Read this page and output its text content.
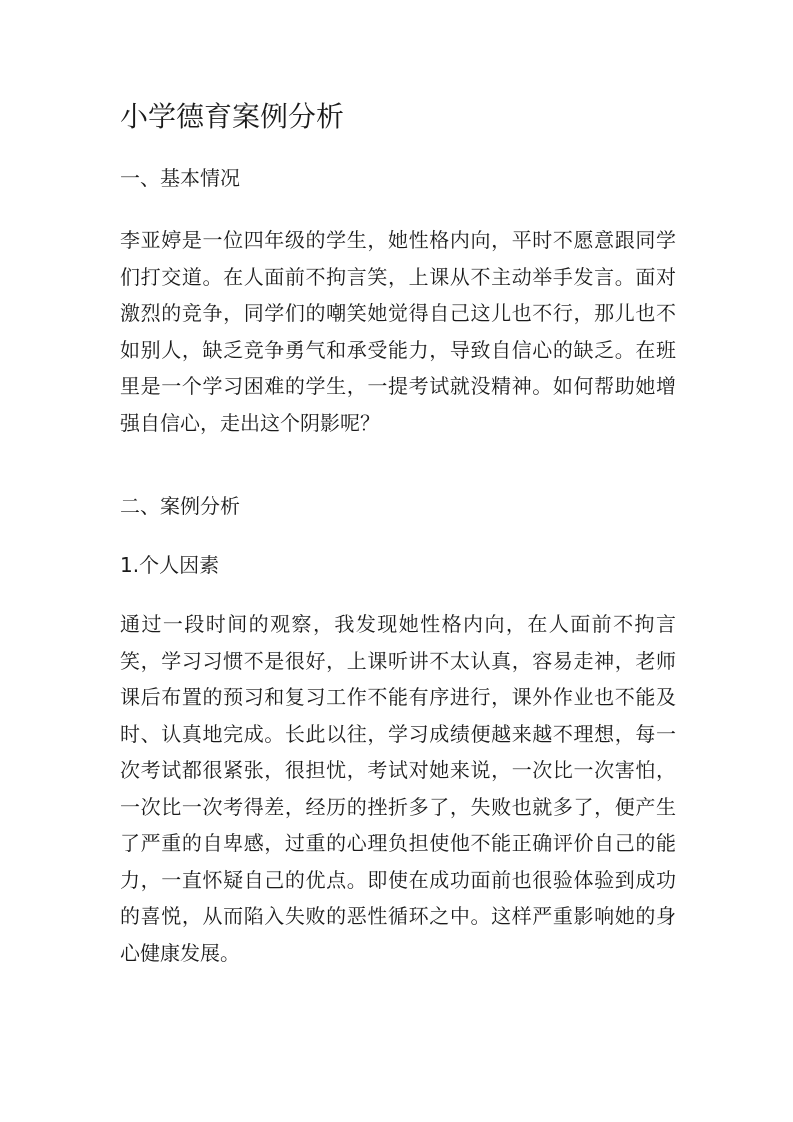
小学德育案例分析
一、基本情况
李亚婷是一位四年级的学生，她性格内向，平时不愿意跟同学们打交道。在人面前不拘言笑，上课从不主动举手发言。面对激烈的竞争，同学们的嘲笑她觉得自己这儿也不行，那儿也不如别人，缺乏竞争勇气和承受能力，导致自信心的缺乏。在班里是一个学习困难的学生，一提考试就没精神。如何帮助她增强自信心，走出这个阴影呢？
二、案例分析
1.个人因素
通过一段时间的观察，我发现她性格内向，在人面前不拘言笑，学习习惯不是很好，上课听讲不太认真，容易走神，老师课后布置的预习和复习工作不能有序进行，课外作业也不能及时、认真地完成。长此以往，学习成绩便越来越不理想，每一次考试都很紧张，很担忧，考试对她来说，一次比一次害怕，一次比一次考得差，经历的挫折多了，失败也就多了，便产生了严重的自卑感，过重的心理负担使他不能正确评价自己的能力，一直怀疑自己的优点。即使在成功面前也很验体验到成功的喜悦，从而陷入失败的恶性循环之中。这样严重影响她的身心健康发展。
